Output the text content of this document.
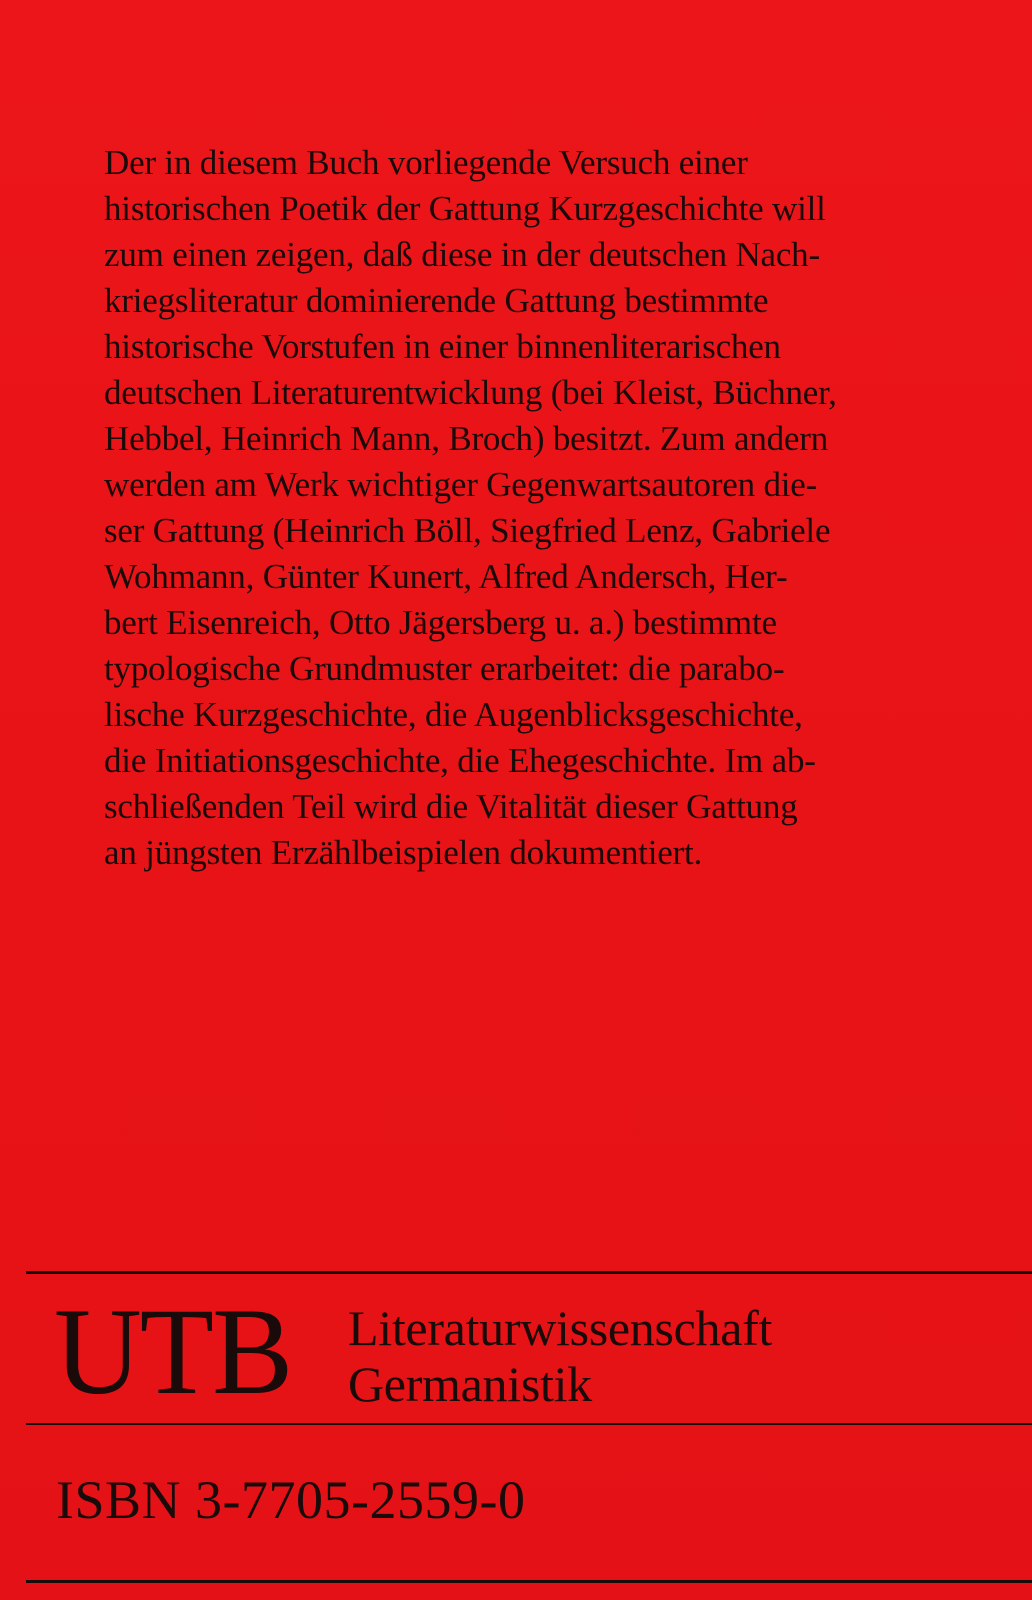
Der in diesem Buch vorliegende Versuch einer
historischen Poetik der Gattung Kurzgeschichte will
zum einen zeigen, daß diese in der deutschen Nach-
kriegsliteratur dominierende Gattung bestimmte
historische Vorstufen in einer binnenliterarischen
deutschen Literaturentwicklung (bei Kleist, Büchner,
Hebbel, Heinrich Mann, Broch) besitzt. Zum andern
werden am Werk wichtiger Gegenwartsautoren die-
ser Gattung (Heinrich Böll, Siegfried Lenz, Gabriele
Wohmann, Günter Kunert, Alfred Andersch, Her-
bert Eisenreich, Otto Jägersberg u. a.) bestimmte
typologische Grundmuster erarbeitet: die parabo-
lische Kurzgeschichte, die Augenblicksgeschichte,
die Initiationsgeschichte, die Ehegeschichte. Im ab-
schließenden Teil wird die Vitalität dieser Gattung
an jüngsten Erzählbeispielen dokumentiert.
UTB Literaturwissenschaft
Germanistik
ISBN 3-7705-2559-0
